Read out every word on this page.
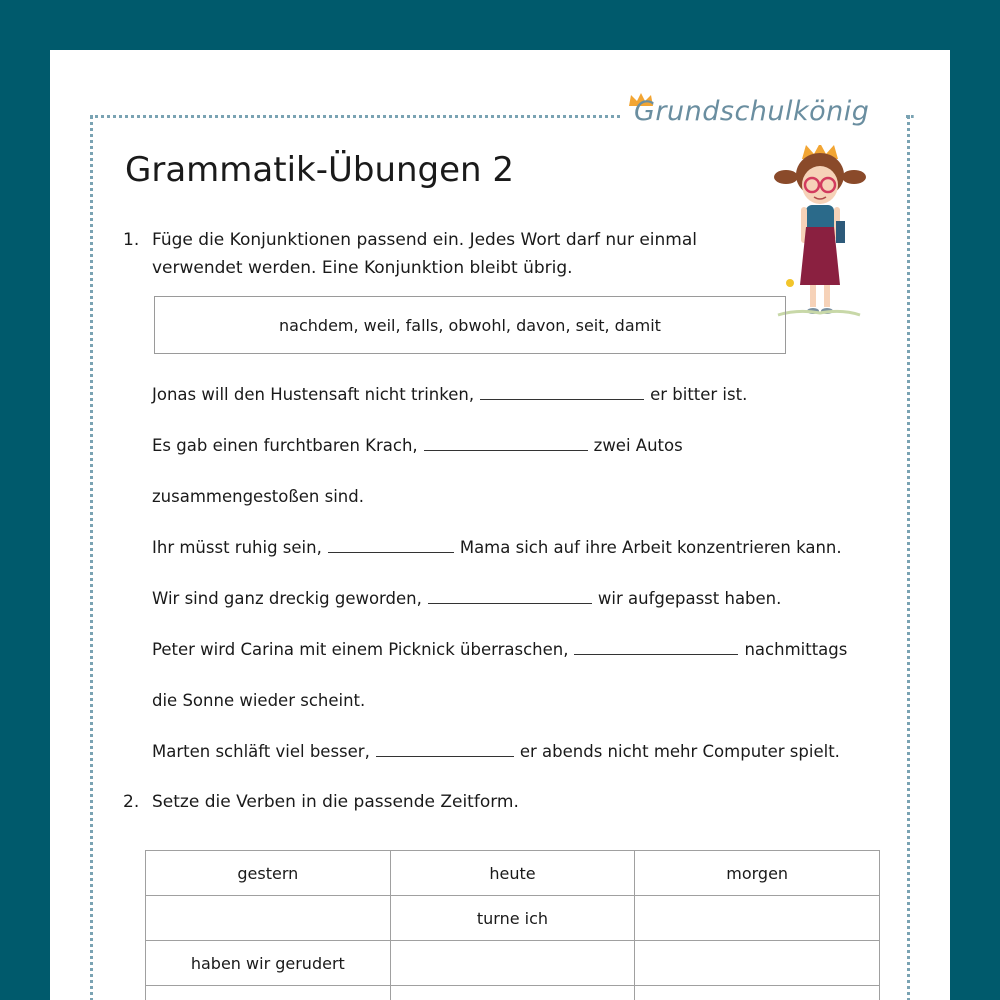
Grundschulkönig
Grammatik-Übungen 2
1. Füge die Konjunktionen passend ein. Jedes Wort darf nur einmal
verwendet werden. Eine Konjunktion bleibt übrig.
nachdem, weil, falls, obwohl, davon, seit, damit
Jonas will den Hustensaft nicht trinken,	er bitter ist.
Es gab einen furchtbaren Krach,	zwei Autos
zusammengestoßen sind.
Ihr müsst ruhig sein,	Mama sich auf ihre Arbeit konzentrieren kann.
Wir sind ganz dreckig geworden,	wir aufgepasst haben.
Peter wird Carina mit einem Picknick überraschen,	nachmittags
die Sonne wieder scheint.
Marten schläft viel besser,	er abends nicht mehr Computer spielt.
2. Setze die Verben in die passende Zeitform.
gestern	heute	morgen
	turne ich	
haben wir gerudert		
